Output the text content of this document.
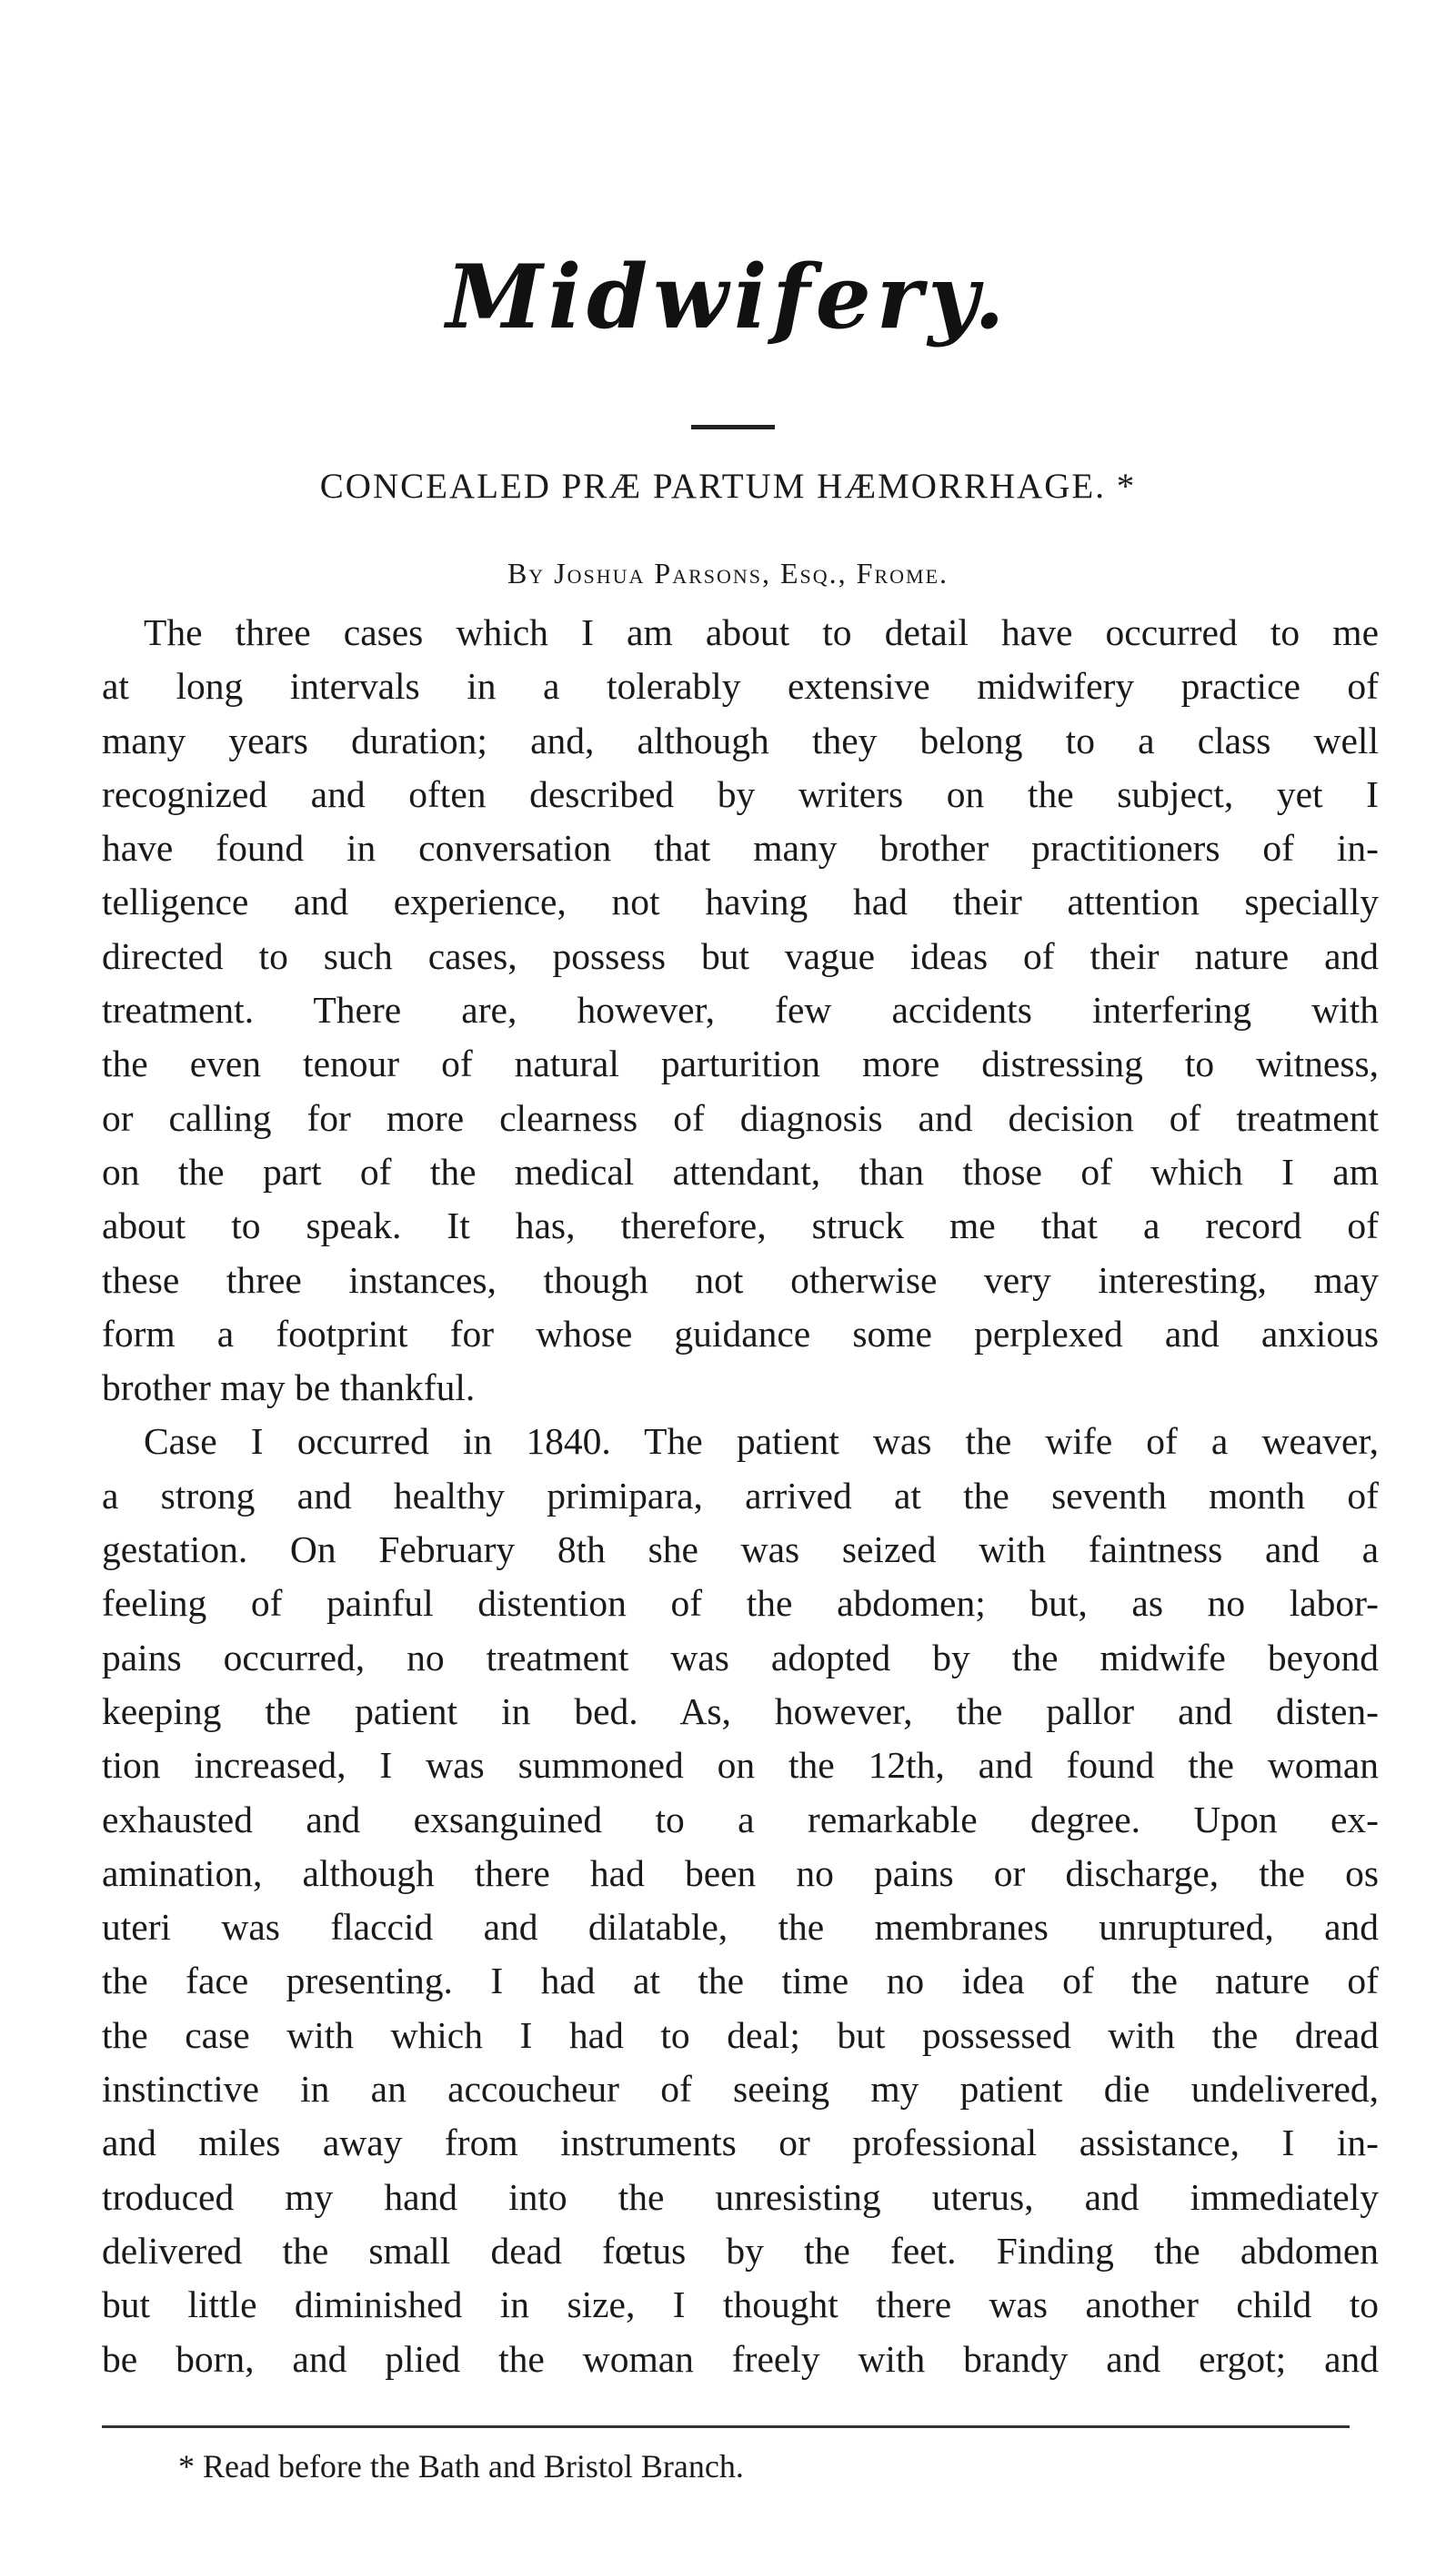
Midwifery.
CONCEALED PRÆ PARTUM HÆMORRHAGE. *
By Joshua Parsons, Esq., Frome.
The three cases which I am about to detail have occurred to me
at long intervals in a tolerably extensive midwifery practice of
many years duration; and, although they belong to a class well
recognized and often described by writers on the subject, yet I
have found in conversation that many brother practitioners of in-
telligence and experience, not having had their attention specially
directed to such cases, possess but vague ideas of their nature and
treatment. There are, however, few accidents interfering with
the even tenour of natural parturition more distressing to witness,
or calling for more clearness of diagnosis and decision of treatment
on the part of the medical attendant, than those of which I am
about to speak. It has, therefore, struck me that a record of
these three instances, though not otherwise very interesting, may
form a footprint for whose guidance some perplexed and anxious
brother may be thankful.
Case I occurred in 1840. The patient was the wife of a weaver,
a strong and healthy primipara, arrived at the seventh month of
gestation. On February 8th she was seized with faintness and a
feeling of painful distention of the abdomen; but, as no labor-
pains occurred, no treatment was adopted by the midwife beyond
keeping the patient in bed. As, however, the pallor and disten-
tion increased, I was summoned on the 12th, and found the woman
exhausted and exsanguined to a remarkable degree. Upon ex-
amination, although there had been no pains or discharge, the os
uteri was flaccid and dilatable, the membranes unruptured, and
the face presenting. I had at the time no idea of the nature of
the case with which I had to deal; but possessed with the dread
instinctive in an accoucheur of seeing my patient die undelivered,
and miles away from instruments or professional assistance, I in-
troduced my hand into the unresisting uterus, and immediately
delivered the small dead fœtus by the feet. Finding the abdomen
but little diminished in size, I thought there was another child to
be born, and plied the woman freely with brandy and ergot; and
* Read before the Bath and Bristol Branch.
